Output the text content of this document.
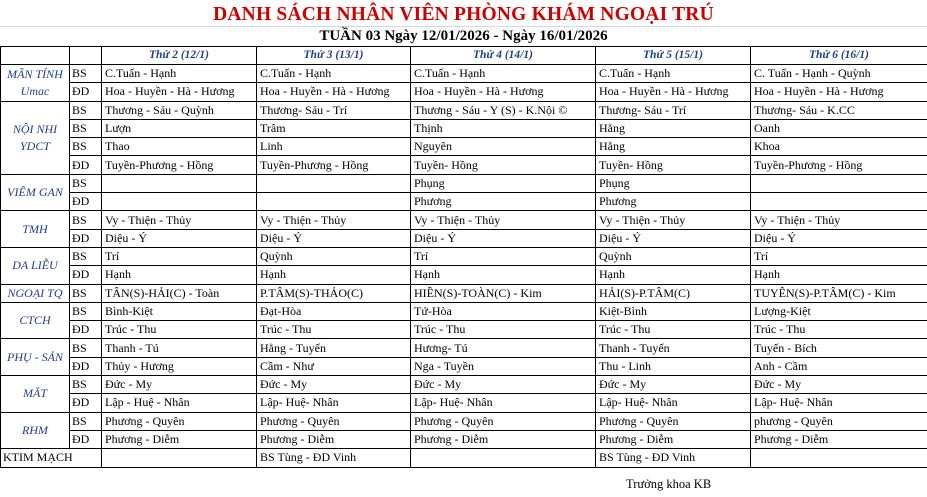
DANH SÁCH NHÂN VIÊN PHÒNG KHÁM NGOẠI TRÚ
TUẦN 03 Ngày 12/01/2026 - Ngày 16/01/2026
		Thứ 2 (12/1)	Thứ 3 (13/1)	Thứ 4 (14/1)	Thứ 5 (15/1)	Thứ 6 (16/1)
MÃN TÍNH Umac	BS	C.Tuấn - Hạnh	C.Tuấn - Hạnh	C.Tuấn - Hạnh	C.Tuấn - Hạnh	C. Tuấn - Hạnh - Quỳnh
	ĐD	Hoa - Huyền - Hà - Hương	Hoa - Huyền - Hà - Hương	Hoa - Huyền - Hà - Hương	Hoa - Huyền - Hà - Hương	Hoa - Huyền - Hà - Hương
NỘI NHI YDCT	BS	Thương - Sáu - Quỳnh	Thương- Sáu - Trí	Thương - Sáu - Y (S) - K.Nội ©	Thương- Sáu - Trí	Thương- Sáu - K.CC
	BS	Lượn	Trâm	Thịnh	Hằng	Oanh
	BS	Thao	Linh	Nguyên	Hằng	Khoa
	ĐD	Tuyền-Phương - Hồng	Tuyền-Phương - Hồng	Tuyền- Hồng	Tuyền- Hồng	Tuyền-Phương - Hồng
VIÊM GAN	BS			Phụng	Phụng	
	ĐD			Phương	Phương	
TMH	BS	Vy - Thiện - Thủy	Vy - Thiện - Thủy	Vy - Thiện - Thủy	Vy - Thiện - Thủy	Vy - Thiện - Thủy
	ĐD	Diệu - Ý	Diệu - Ý	Diệu - Ý	Diệu - Ý	Diệu - Ý
DA LIỄU	BS	Trí	Quỳnh	Trí	Quỳnh	Trí
	ĐD	Hạnh	Hạnh	Hạnh	Hạnh	Hạnh
NGOẠI TQ	BS	TÂN(S)-HẢI(C) - Toàn	P.TÂM(S)-THẢO(C)	HIỀN(S)-TOÀN(C) - Kim	HẢI(S)-P.TÂM(C)	TUYÊN(S)-P.TÂM(C) - Kim
CTCH	BS	Bình-Kiệt	Đạt-Hòa	Tứ-Hòa	Kiệt-Bình	Lượng-Kiệt
	ĐD	Trúc - Thu	Trúc - Thu	Trúc - Thu	Trúc - Thu	Trúc - Thu
PHỤ - SẢN	BS	Thanh - Tú	Hằng - Tuyến	Hương- Tú	Thanh - Tuyến	Tuyến - Bích
	ĐD	Thủy - Hương	Cầm - Như	Nga - Tuyền	Thu - Linh	Anh - Cầm
MẮT	BS	Đức - My	Đức - My	Đức - My	Đức - My	Đức - My
	ĐD	Lập - Huệ - Nhân	Lập- Huệ- Nhân	Lập- Huệ- Nhân	Lập- Huệ- Nhân	Lập- Huệ- Nhân
RHM	BS	Phương - Quyên	Phương - Quyên	Phương - Quyên	Phương - Quyên	phương - Quyên
	ĐD	Phương - Diễm	Phương - Diễm	Phương - Diễm	Phương - Diễm	Phương - Diễm
KTIM MẠCH			BS Tùng - ĐD Vinh		BS Tùng - ĐD Vinh	
Trưởng khoa KB
